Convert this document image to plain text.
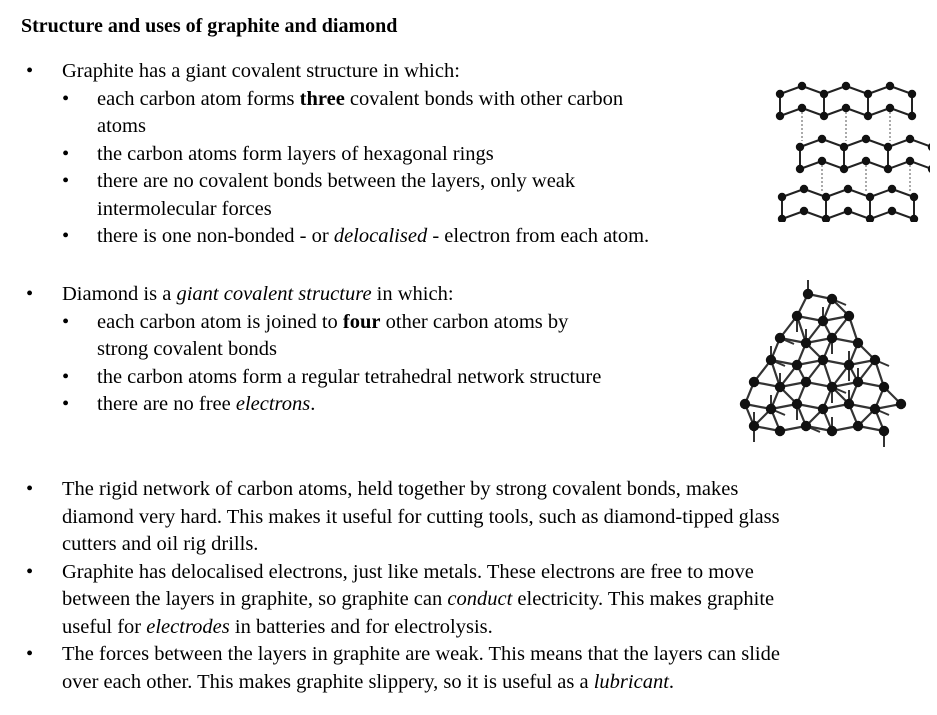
Structure and uses of graphite and diamond
•	Graphite has a giant covalent structure in which:
•	each carbon atom forms three covalent bonds with other carbon
atoms
•	the carbon atoms form layers of hexagonal rings
•	there are no covalent bonds between the layers, only weak
intermolecular forces
•	there is one non-bonded - or delocalised - electron from each atom.
•	Diamond is a giant covalent structure in which:
•	each carbon atom is joined to four other carbon atoms by
strong covalent bonds
•	the carbon atoms form a regular tetrahedral network structure
•	there are no free electrons.
•	The rigid network of carbon atoms, held together by strong covalent bonds, makes
diamond very hard. This makes it useful for cutting tools, such as diamond-tipped glass
cutters and oil rig drills.
•	Graphite has delocalised electrons, just like metals. These electrons are free to move
between the layers in graphite, so graphite can conduct electricity. This makes graphite
useful for electrodes in batteries and for electrolysis.
•	The forces between the layers in graphite are weak. This means that the layers can slide
over each other. This makes graphite slippery, so it is useful as a lubricant.
